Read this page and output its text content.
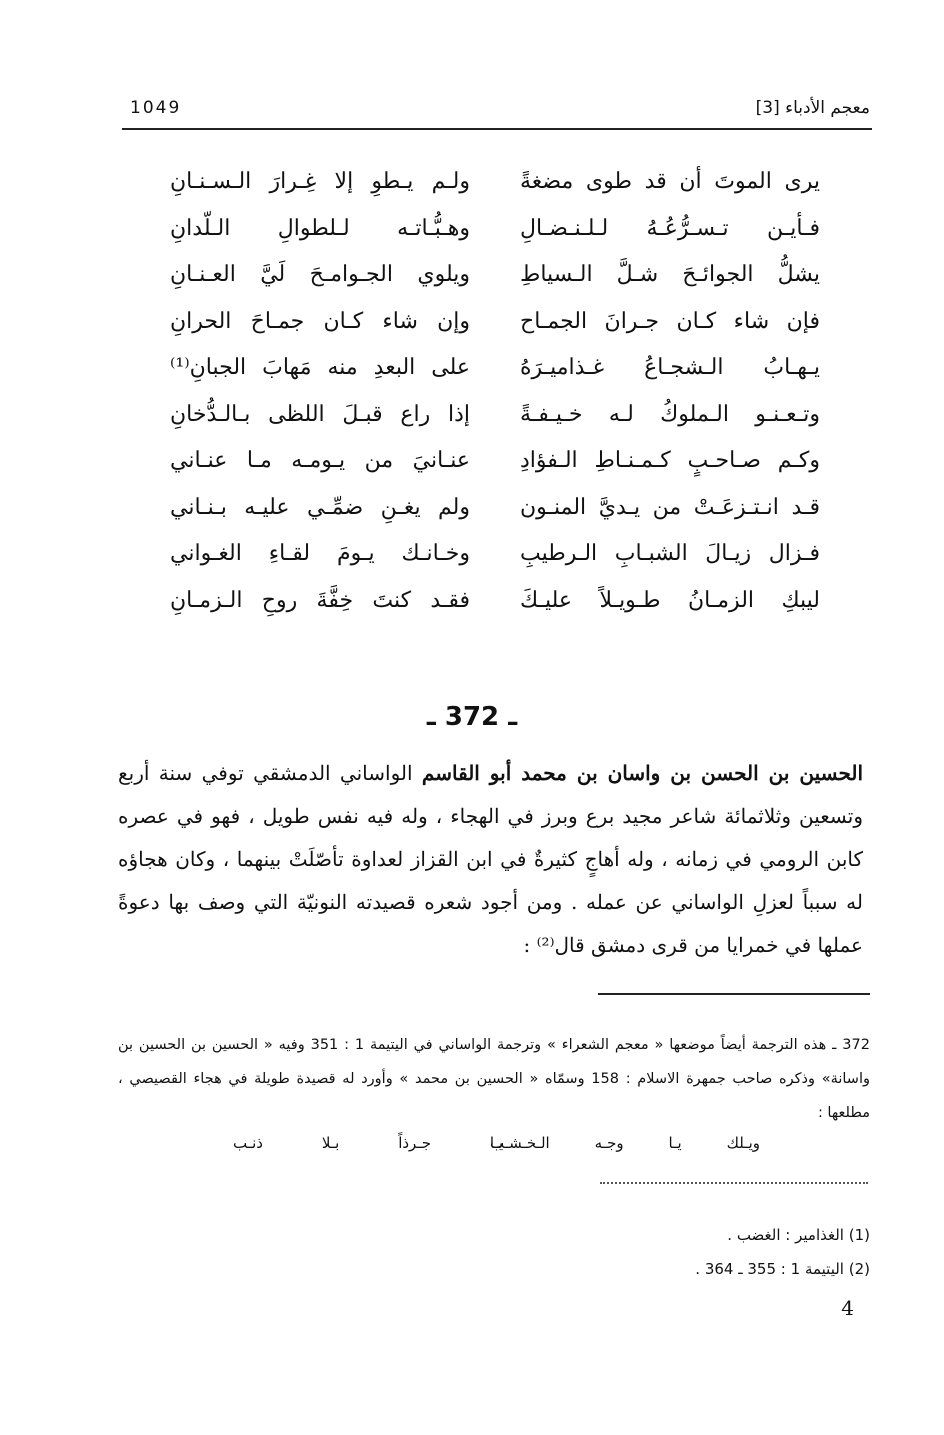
معجم الأدباء [3]
1049
يرى الموتَ أن قد طوى مضغةً
ولـم يـطوِ إلا غِـرارَ الـسـنـانِ
فـأيـن تـسـرُّعُـهُ لـلـنـضـالِ
وهـبُّـاتـه لـلطوالِ الـلّدانِ
يشلُّ الجوائـحَ شـلَّ الـسياطِ
ويلوي الجـوامـحَ لَيَّ العـنـانِ
فإن شاء كـان جـرانَ الجمـاح
وإن شاء كـان جمـاحَ الحرانِ
يـهـابُ الـشجـاعُ غـذاميـرَهُ
على البعدِ منه مَهابَ الجبانِ⁽¹⁾
وتـعـنـو الـملوكُ لـه خـيـفـةً
إذا راع قبـلَ اللظى بـالـدُّخانِ
وكـم صـاحـبٍ كـمـنـاطِ الـفؤادِ
عنـانيَ من يـومـه مـا عنـاني
قـد انـتـزعَـتْ من يـديَّ المنـون
ولم يغـنِ ضمِّـي عليـه بـنـاني
فـزال زيـالَ الشبـابِ الـرطيبِ
وخـانـك يـومَ لقـاءِ الغـواني
ليبكِ الزمـانُ طـويـلاً عليـكَ
فقـد كنتَ خِفَّةَ روحِ الـزمـانِ
ـ 372 ـ
الحسين بن الحسن بن واسان بن محمد أبو القاسم الواساني الدمشقي توفي سنة أربع وتسعين وثلاثمائة شاعر مجيد برع وبرز في الهجاء ، وله فيه نفس طويل ، فهو في عصره كابن الرومي في زمانه ، وله أهاجٍ كثيرةٌ في ابن القزاز لعداوة تأصّلَتْ بينهما ، وكان هجاؤه له سبباً لعزلِ الواساني عن عمله . ومن أجود شعره قصيدته النونيّة التي وصف بها دعوةً عملها في خمرايا من قرى دمشق قال⁽²⁾ :
372 ـ هذه الترجمة أيضاً موضعها « معجم الشعراء » وترجمة الواساني في اليتيمة 1 : 351 وفيه « الحسين بن الحسين بن واسانة» وذكره صاحب جمهرة الاسلام : 158 وسمّاه « الحسين بن محمد » وأورد له قصيدة طويلة في هجاء القصيصي ، مطلعها :
ويـلك يـا وجـه الـخـشـب
يـا جـرذاً بـلا ذنـب
(1) الغذامير : الغضب .
(2) اليتيمة 1 : 355 ـ 364 .
4
